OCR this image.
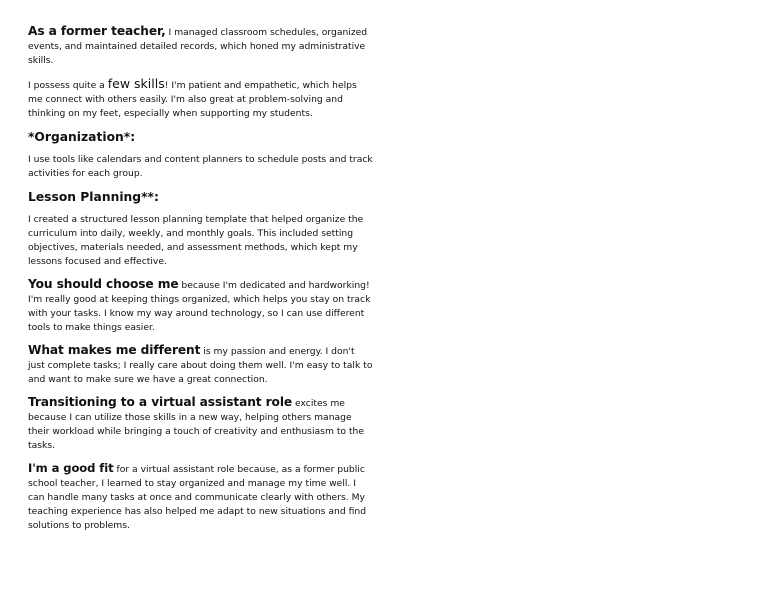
As a former teacher, I managed classroom schedules, organized events, and maintained detailed records, which honed my administrative skills.

I possess quite a few skills! I'm patient and empathetic, which helps me connect with others easily. I'm also great at problem-solving and thinking on my feet, especially when supporting my students.

*Organization*:

I use tools like calendars and content planners to schedule posts and track activities for each group.

Lesson Planning**:

I created a structured lesson planning template that helped organize the curriculum into daily, weekly, and monthly goals. This included setting objectives, materials needed, and assessment methods, which kept my lessons focused and effective.

You should choose me because I'm dedicated and hardworking! I'm really good at keeping things organized, which helps you stay on track with your tasks. I know my way around technology, so I can use different tools to make things easier.

What makes me different is my passion and energy. I don't just complete tasks; I really care about doing them well. I'm easy to talk to and want to make sure we have a great connection.

Transitioning to a virtual assistant role excites me because I can utilize those skills in a new way, helping others manage their workload while bringing a touch of creativity and enthusiasm to the tasks.

I'm a good fit for a virtual assistant role because, as a former public school teacher, I learned to stay organized and manage my time well. I can handle many tasks at once and communicate clearly with others. My teaching experience has also helped me adapt to new situations and find solutions to problems.
